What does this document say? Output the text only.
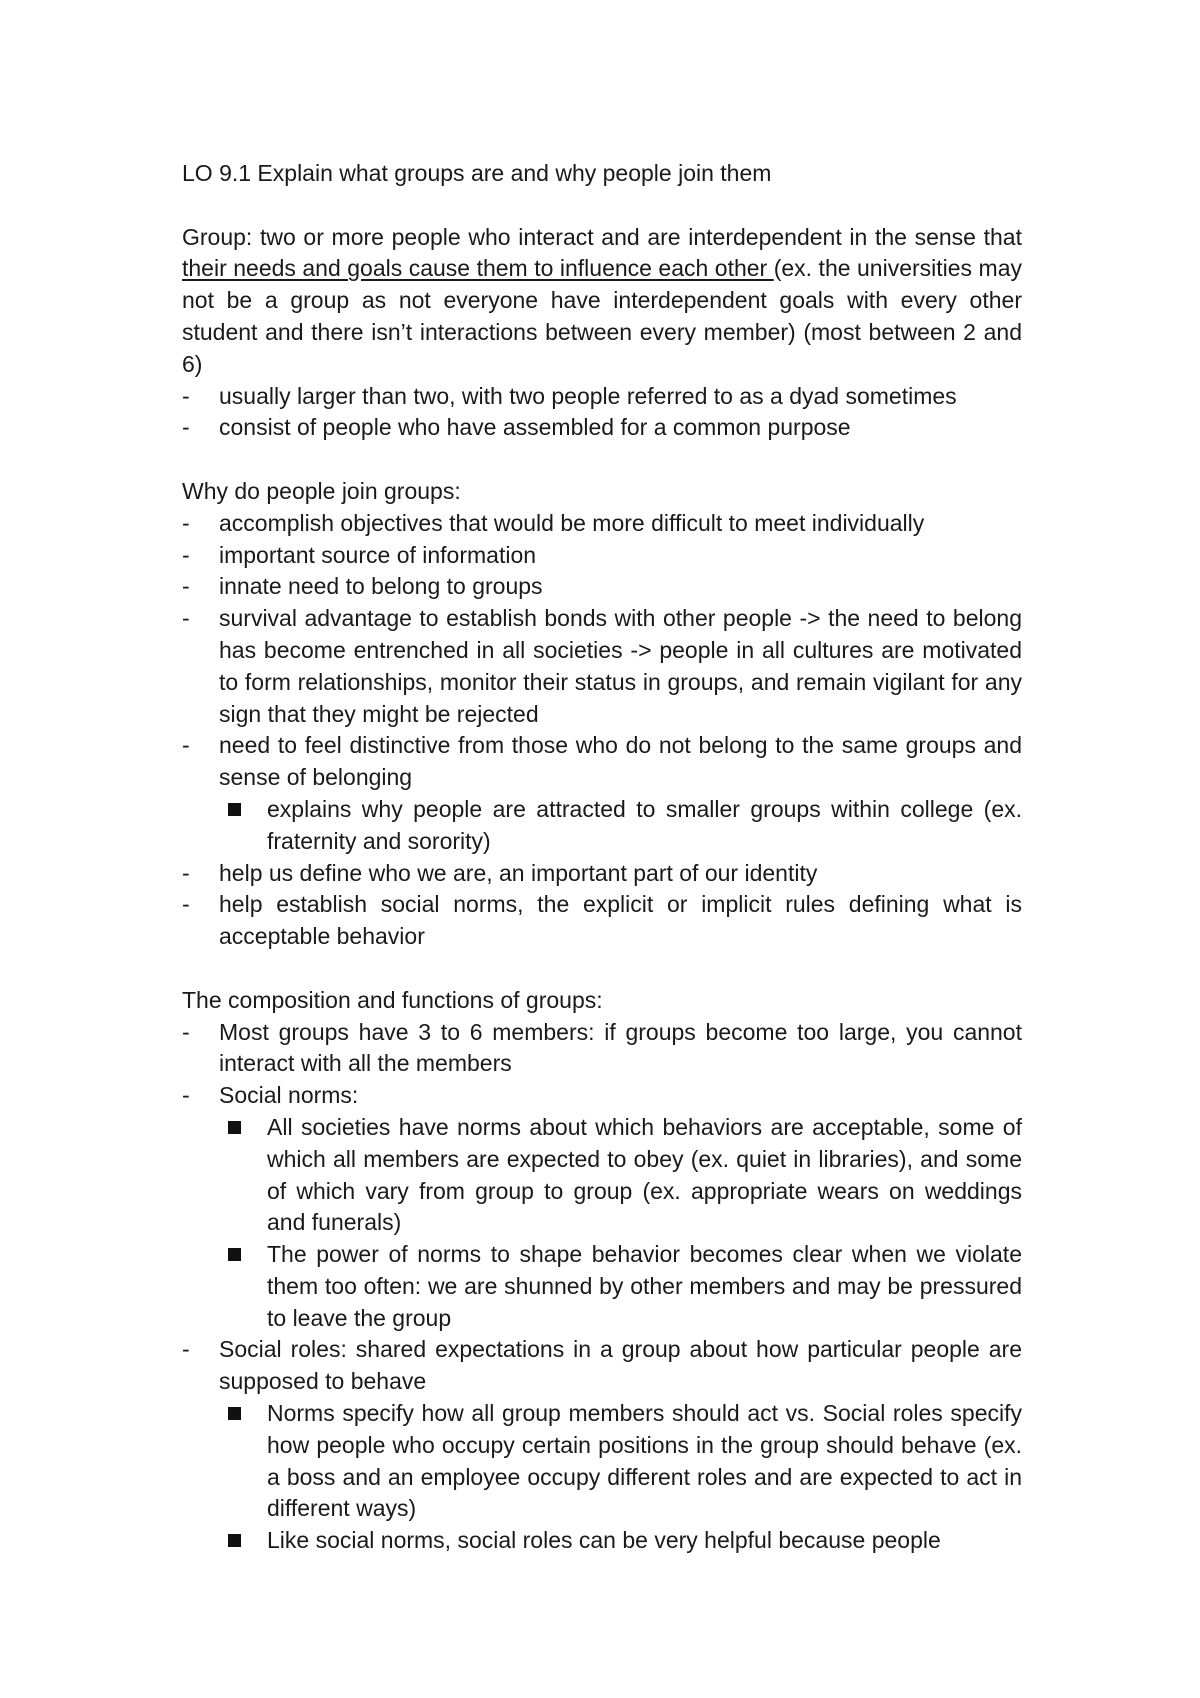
LO 9.1 Explain what groups are and why people join them
Group: two or more people who interact and are interdependent in the sense that their needs and goals cause them to influence each other (ex. the universities may not be a group as not everyone have interdependent goals with every other student and there isn’t interactions between every member) (most between 2 and 6)
- usually larger than two, with two people referred to as a dyad sometimes
- consist of people who have assembled for a common purpose
Why do people join groups:
- accomplish objectives that would be more difficult to meet individually
- important source of information
- innate need to belong to groups
- survival advantage to establish bonds with other people -> the need to belong has become entrenched in all societies -> people in all cultures are motivated to form relationships, monitor their status in groups, and remain vigilant for any sign that they might be rejected
- need to feel distinctive from those who do not belong to the same groups and sense of belonging
explains why people are attracted to smaller groups within college (ex. fraternity and sorority)
- help us define who we are, an important part of our identity
- help establish social norms, the explicit or implicit rules defining what is acceptable behavior
The composition and functions of groups:
- Most groups have 3 to 6 members: if groups become too large, you cannot interact with all the members
- Social norms:
All societies have norms about which behaviors are acceptable, some of which all members are expected to obey (ex. quiet in libraries), and some of which vary from group to group (ex. appropriate wears on weddings and funerals)
The power of norms to shape behavior becomes clear when we violate them too often: we are shunned by other members and may be pressured to leave the group
- Social roles: shared expectations in a group about how particular people are supposed to behave
Norms specify how all group members should act vs. Social roles specify how people who occupy certain positions in the group should behave (ex. a boss and an employee occupy different roles and are expected to act in different ways)
Like social norms, social roles can be very helpful because people
